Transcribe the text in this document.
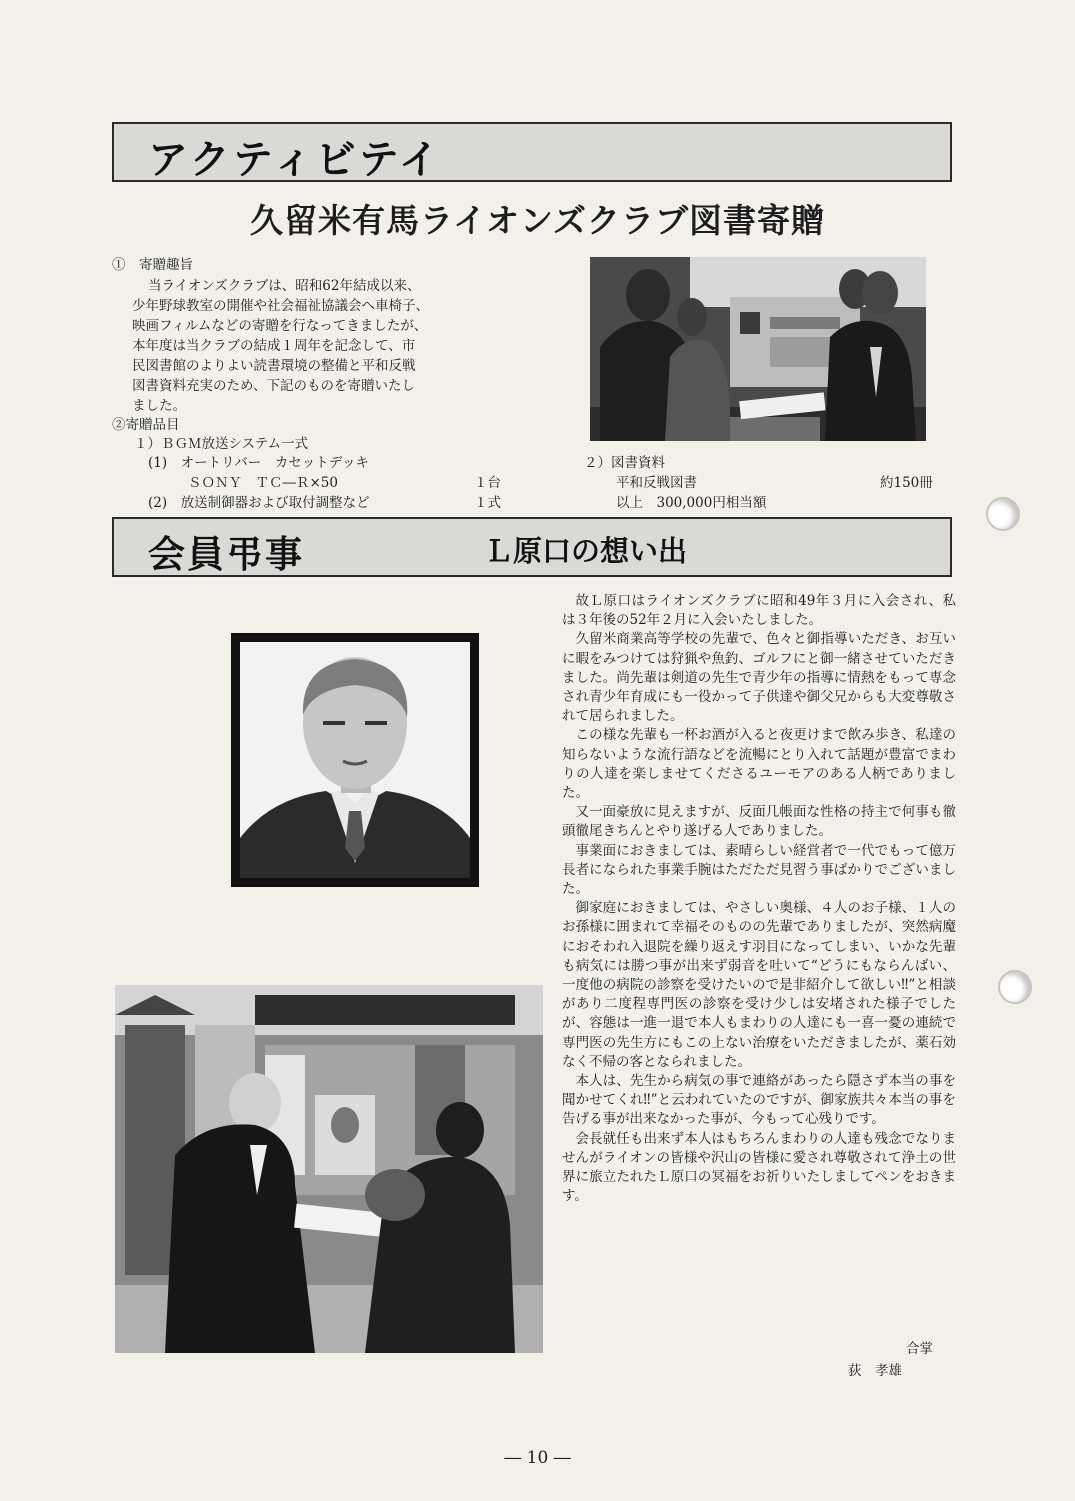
アクティビテイ
久留米有馬ライオンズクラブ図書寄贈
①　寄贈趣旨
当ライオンズクラブは、昭和62年結成以来、
少年野球教室の開催や社会福祉協議会へ車椅子、
映画フィルムなどの寄贈を行なってきましたが、
本年度は当クラブの結成１周年を記念して、市
民図書館のよりよい読書環境の整備と平和反戦
図書資料充実のため、下記のものを寄贈いたし
ました。
②寄贈品目
１）ＢＧＭ放送システム一式
(1)　オートリバー　カセットデッキ
ＳＯＮＹ　ＴＣ―Ｒ×50	１台
(2)　放送制御器および取付調整など	１式
２）図書資料
平和反戦図書	約150冊
以上　300,000円相当額
会員弔事	Ｌ原口の想い出

故Ｌ原口はライオンズクラブに昭和49年３月に入会され、私は３年後の52年２月に入会いたしました。

久留米商業高等学校の先輩で、色々と御指導いただき、お互いに暇をみつけては狩猟や魚釣、ゴルフにと御一緒させていただきました。尚先輩は剣道の先生で青少年の指導に情熱をもって専念され青少年育成にも一役かって子供達や御父兄からも大変尊敬されて居られました。

この様な先輩も一杯お酒が入ると夜更けまで飲み歩き、私達の知らないような流行語などを流暢にとり入れて話題が豊富でまわりの人達を楽しませてくださるユーモアのある人柄でありました。

又一面豪放に見えますが、反面几帳面な性格の持主で何事も徹頭徹尾きちんとやり遂げる人でありました。

事業面におきましては、素晴らしい経営者で一代でもって億万長者になられた事業手腕はただただ見習う事ばかりでございました。

御家庭におきましては、やさしい奥様、４人のお子様、１人のお孫様に囲まれて幸福そのものの先輩でありましたが、突然病魔におそわれ入退院を繰り返えす羽目になってしまい、いかな先輩も病気には勝つ事が出来ず弱音を吐いて“どうにもならんばい、一度他の病院の診察を受けたいので是非紹介して欲しい‼”と相談があり二度程専門医の診察を受け少しは安堵された様子でしたが、容態は一進一退で本人もまわりの人達にも一喜一憂の連続で専門医の先生方にもこの上ない治療をいただきましたが、薬石効なく不帰の客となられました。

本人は、先生から病気の事で連絡があったら隠さず本当の事を聞かせてくれ‼”と云われていたのですが、御家族共々本当の事を告げる事が出来なかった事が、今もって心残りです。

会長就任も出来ず本人はもちろんまわりの人達も残念でなりませんがライオンの皆様や沢山の皆様に愛され尊敬されて浄土の世界に旅立たれたＬ原口の冥福をお祈りいたしましてペンをおきます。

合掌
荻　孝雄
― 10 ―
